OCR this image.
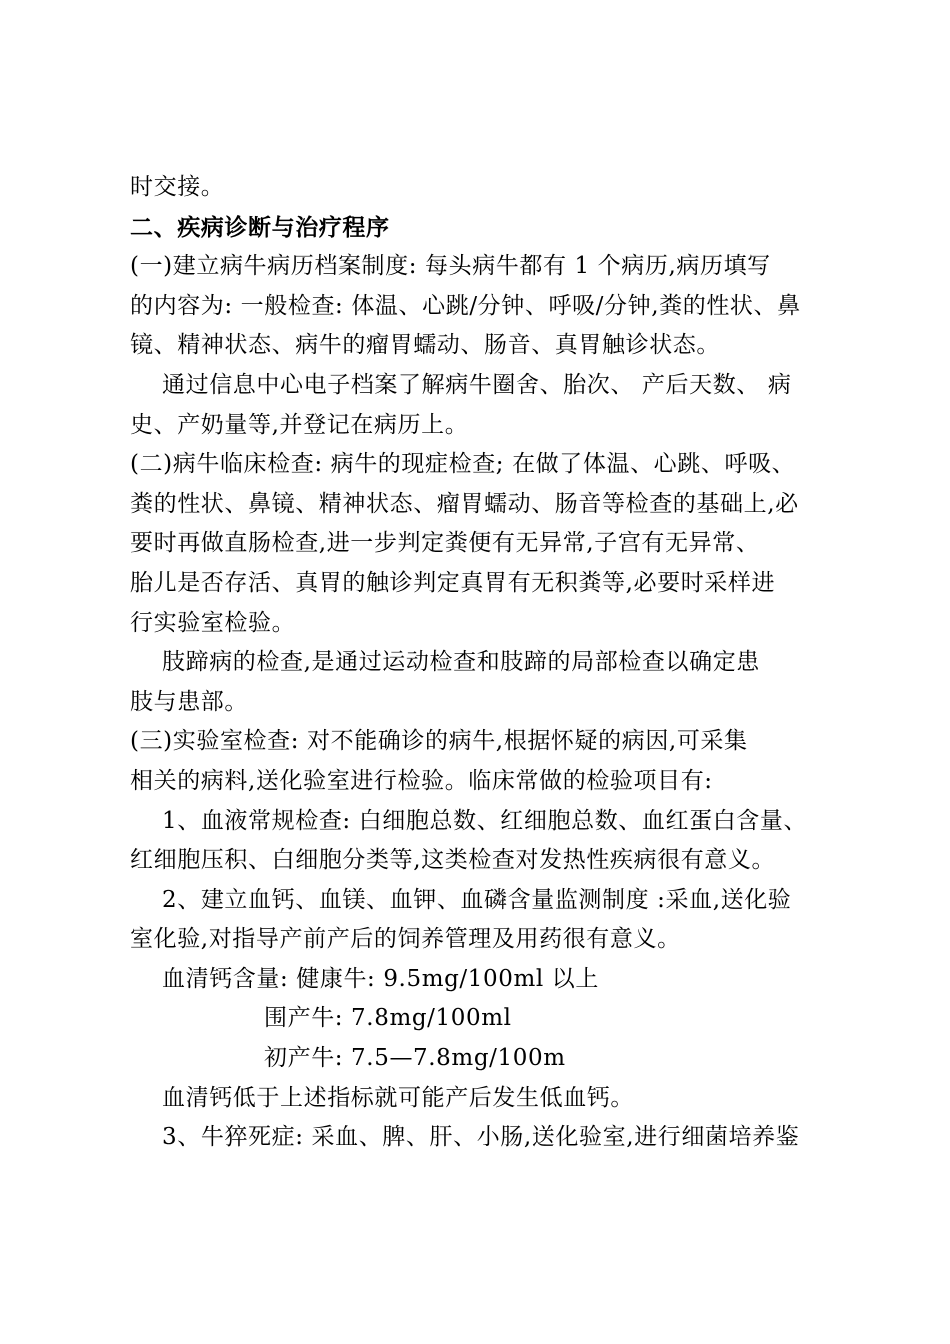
时交接。
二、疾病诊断与治疗程序
(一)建立病牛病历档案制度: 每头病牛都有 1 个病历,病历填写
的内容为: 一般检查: 体温、心跳/分钟、呼吸/分钟,粪的性状、鼻
镜、精神状态、病牛的瘤胃蠕动、肠音、真胃触诊状态。
通过信息中心电子档案了解病牛圈舍、胎次、 产后天数、 病
史、产奶量等,并登记在病历上。
(二)病牛临床检查: 病牛的现症检查; 在做了体温、心跳、呼吸、
粪的性状、鼻镜、精神状态、瘤胃蠕动、肠音等检查的基础上,必
要时再做直肠检查,进一步判定粪便有无异常,子宫有无异常、
胎儿是否存活、真胃的触诊判定真胃有无积粪等,必要时采样进
行实验室检验。
肢蹄病的检查,是通过运动检查和肢蹄的局部检查以确定患
肢与患部。
(三)实验室检查: 对不能确诊的病牛,根据怀疑的病因,可采集
相关的病料,送化验室进行检验。临床常做的检验项目有:
1、血液常规检查: 白细胞总数、红细胞总数、血红蛋白含量、
红细胞压积、白细胞分类等,这类检查对发热性疾病很有意义。
2、建立血钙、血镁、血钾、血磷含量监测制度 :采血,送化验
室化验,对指导产前产后的饲养管理及用药很有意义。
血清钙含量: 健康牛: 9.5mg/100ml 以上
围产牛: 7.8mg/100ml
初产牛: 7.5—7.8mg/100m
血清钙低于上述指标就可能产后发生低血钙。
3、牛猝死症: 采血、脾、肝、小肠,送化验室,进行细菌培养鉴
